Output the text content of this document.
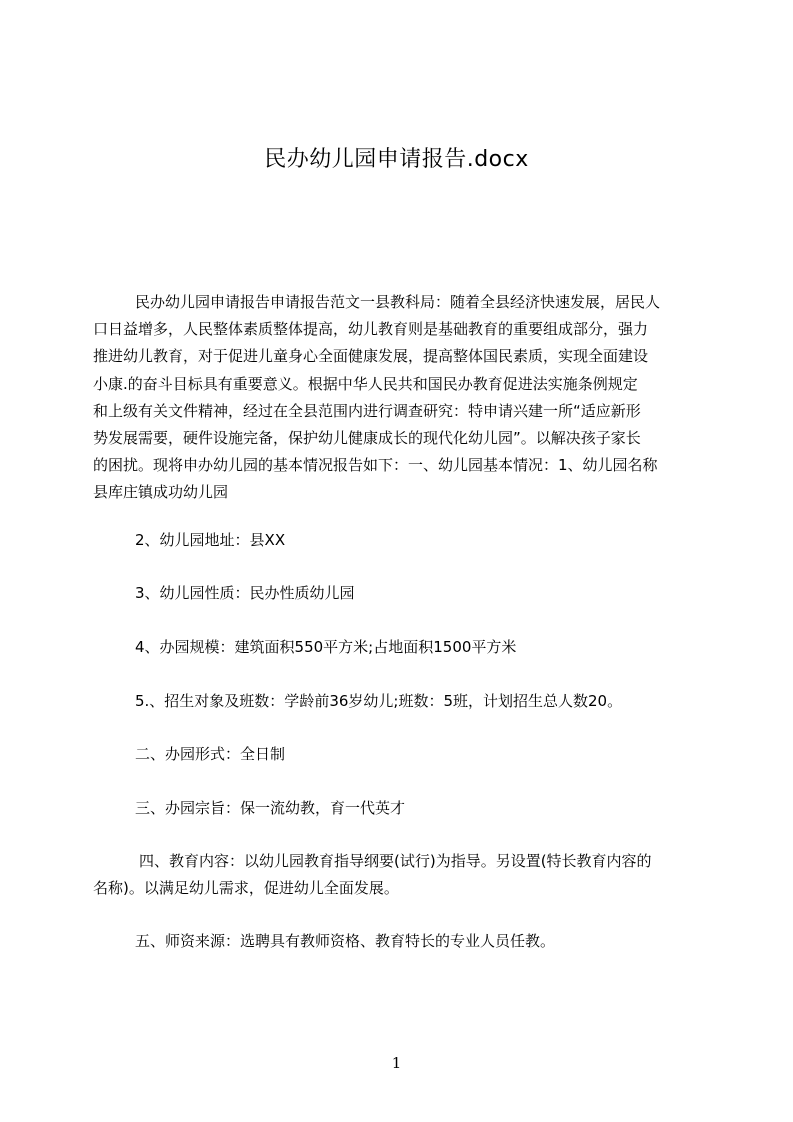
民办幼儿园申请报告.docx
民办幼儿园申请报告申请报告范文一县教科局：随着全县经济快速发展，居民人
口日益增多，人民整体素质整体提高，幼儿教育则是基础教育的重要组成部分，强力
推进幼儿教育，对于促进儿童身心全面健康发展，提高整体国民素质，实现全面建设
小康.的奋斗目标具有重要意义。根据中华人民共和国民办教育促进法实施条例规定
和上级有关文件精神，经过在全县范围内进行调查研究：特申请兴建一所“适应新形
势发展需要，硬件设施完备，保护幼儿健康成长的现代化幼儿园”。以解决孩子家长
的困扰。现将申办幼儿园的基本情况报告如下：一、幼儿园基本情况：1、幼儿园名称
县库庄镇成功幼儿园
2、幼儿园地址：县XX
3、幼儿园性质：民办性质幼儿园
4、办园规模：建筑面积550平方米;占地面积1500平方米
5.、招生对象及班数：学龄前36岁幼儿;班数：5班，计划招生总人数20。
二、办园形式：全日制
三、办园宗旨：保一流幼教，育一代英才
四、教育内容：以幼儿园教育指导纲要(试行)为指导。另设置(特长教育内容的
名称)。以满足幼儿需求，促进幼儿全面发展。
五、师资来源：选聘具有教师资格、教育特长的专业人员任教。
1
